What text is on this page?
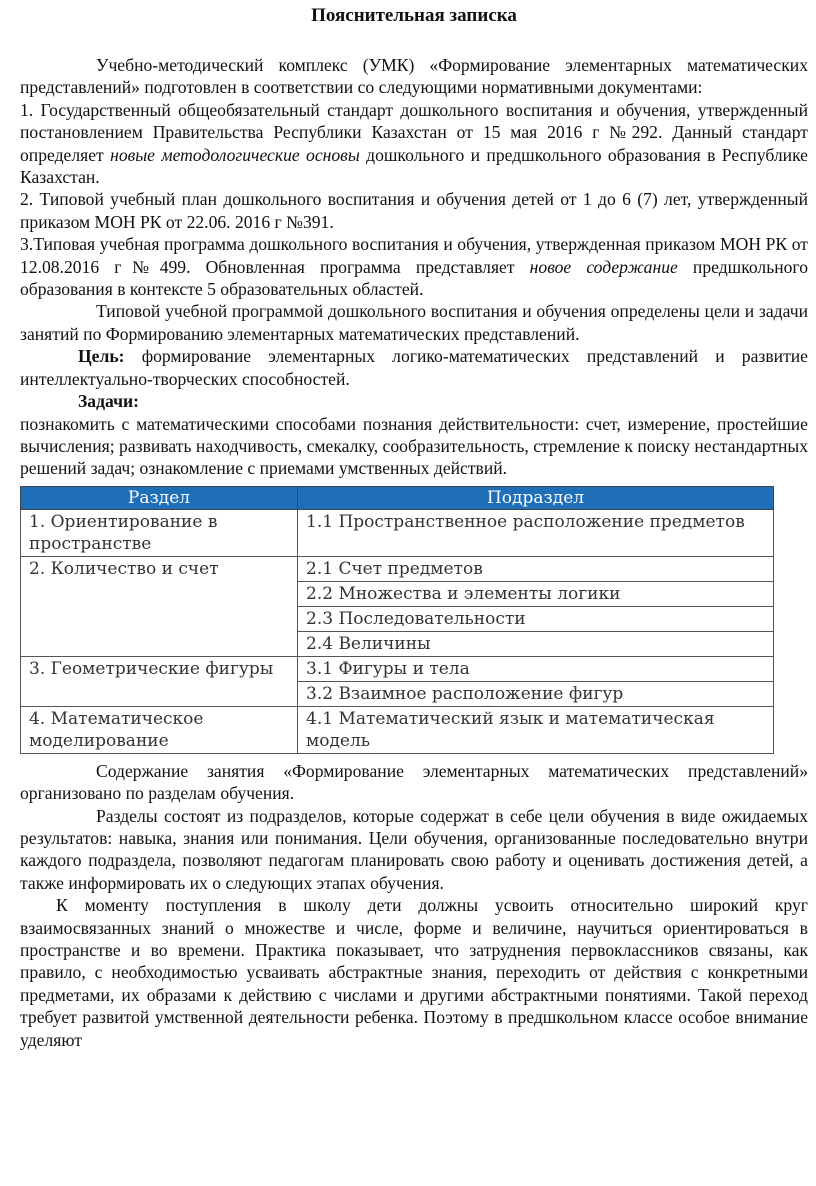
Пояснительная записка

Учебно-методический комплекс (УМК) «Формирование элементарных математических представлений» подготовлен в соответствии со следующими нормативными документами:

1. Государственный общеобязательный стандарт дошкольного воспитания и обучения, утвержденный постановлением Правительства Республики Казахстан от 15 мая 2016 г №292. Данный стандарт определяет новые методологические основы дошкольного и предшкольного образования в Республике Казахстан.

2. Типовой учебный план дошкольного воспитания и обучения детей от 1 до 6 (7) лет, утвержденный приказом МОН РК от 22.06. 2016 г №391.

3.Типовая учебная программа дошкольного воспитания и обучения, утвержденная приказом МОН РК от 12.08.2016 г№499. Обновленная программа представляет новое содержание предшкольного образования в контексте 5 образовательных областей.

Типовой учебной программой дошкольного воспитания и обучения определены цели и задачи занятий по Формированию элементарных математических представлений.

Цель: формирование элементарных логико-математических представлений и развитие интеллектуально-творческих способностей.

Задачи:

познакомить с математическими способами познания действительности: счет, измерение, простейшие вычисления; развивать находчивость, смекалку, сообразительность, стремление к поиску нестандартных решений задач; ознакомление с приемами умственных действий.

Раздел	Подраздел
1. Ориентирование в пространстве	1.1 Пространственное расположение предметов
2. Количество и счет	2.1 Счет предметов
	2.2 Множества и элементы логики
	2.3 Последовательности
	2.4 Величины
3. Геометрические фигуры	3.1 Фигуры и тела
	3.2 Взаимное расположение фигур
4. Математическое моделирование	4.1 Математический язык и математическая модель

Содержание занятия «Формирование элементарных математических представлений» организовано по разделам обучения.

Разделы состоят из подразделов, которые содержат в себе цели обучения в виде ожидаемых результатов: навыка, знания или понимания. Цели обучения, организованные последовательно внутри каждого подраздела, позволяют педагогам планировать свою работу и оценивать достижения детей, а также информировать их о следующих этапах обучения.

К моменту поступления в школу дети должны усвоить относительно широкий круг взаимосвязанных знаний о множестве и числе, форме и величине, научиться ориентироваться в пространстве и во времени. Практика показывает, что затруднения первоклассников связаны, как правило, с необходимостью усваивать абстрактные знания, переходить от действия с конкретными предметами, их образами к действию с числами и другими абстрактными понятиями. Такой переход требует развитой умственной деятельности ребенка. Поэтому в предшкольном классе особое внимание уделяют
